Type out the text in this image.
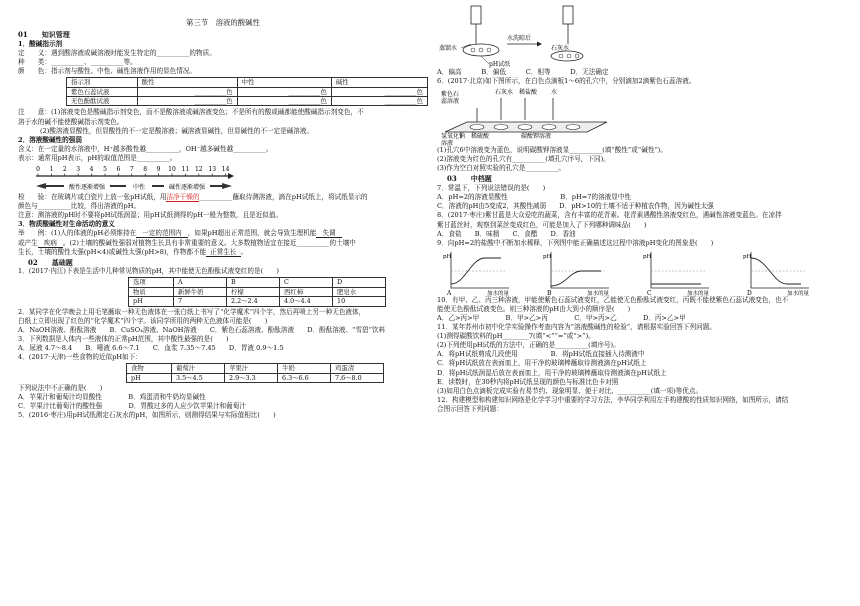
第三节　溶液的酸碱性
01　　知识管理
1．酸碱指示剂
定　　义：遇到酸溶液或碱溶液时能发生特定的__________的物质。
种　　类：__________、__________等。
颜　　色：指示剂与酸性、中性、碱性溶液作用的显色情况。
指示剂	酸性	中性	碱性
紫色石蕊试液	__________色	__________色	__________色
无色酚酞试液	__________色	__________色	__________色
注　　意：(1)溶液变色是酸碱指示剂变色，而不是酸溶液或碱溶液变色；不是所有的酸或碱都能使酸碱指示剂变色，不
溶于水的碱不能使酸碱指示剂变色。
(2)酸溶液显酸性，但显酸性的不一定是酸溶液；碱溶液显碱性，但显碱性的不一定是碱溶液。
2．溶液酸碱性的强弱
含义：在一定量的水溶液中，H⁺越多酸性越__________，OH⁻越多碱性越__________。
表示：通常用pH表示，pH的取值范围是__________。
0 1 2 3 4 5 6 7 8 9 10 11 12 13 14
酸性逐渐增强	中性	碱性逐渐增强
检　　验：在玻璃片或白瓷片上放一张pH试纸，用洁净干燥的__________蘸取待测溶液，滴在pH试纸上，将试纸显示的
颜色与__________比较，得出溶液的pH。
注意：测溶液的pH时不要将pH试纸润湿；用pH试纸测得的pH一般为整数，且是近似值。
3．物质酸碱性对生命活动的意义
举　　例：(1)人的体液的pH必须维持在 一定的范围内 ，如果pH超出正常范围，就会导致生理机能 失调
或产生 疾病 。(2)土壤的酸碱性强弱对植物生长具有非常重要的意义。大多数植物适宜在接近__________的土壤中
生长，土壤的酸性太强(pH<4)或碱性太强(pH>8)，作物都不能 正常生长 。
02　　基础题
1．(2017·内江)下表是生活中几种常见物质的pH，其中能使无色酚酞试液变红的是(　　)
选项	A	B	C	D
物质	新鲜牛奶	柠檬	西红柿	肥皂水
pH	7	2.2～2.4	4.0～4.4	10
2．某同学在化学晚会上用毛笔蘸取一种无色液体在一张白纸上书写了“化学魔术”四个字，然后再喷上另一种无色液体，
白纸上立即出现了红色的“化学魔术”四个字。该同学所用的两种无色液体可能是(　　)
A．NaOH溶液、酚酞溶液　　B．CuSO₄溶液、NaOH溶液　　C．紫色石蕊溶液、酚酞溶液　　D．酚酞溶液、“雪碧”饮料
3．下列数据是人体内一些液体的正常pH范围，其中酸性最强的是(　　)
A．尿液 4.7～8.4　　B．唾液 6.6～7.1　　C．血浆 7.35～7.45　　D．胃液 0.9～1.5
4．(2017·天津)一些食物的近似pH如下：
食物	葡萄汁	苹果汁	牛奶	鸡蛋清
pH	3.5～4.5	2.9～3.3	6.3～6.6	7.6～8.0
下列说法中不正确的是(　　)
A．苹果汁和葡萄汁均显酸性　　　　B．鸡蛋清和牛奶均显碱性
C．苹果汁比葡萄汁的酸性强　　　　D．胃酸过多的人应少饮苹果汁和葡萄汁
5．(2016·枣庄)用pH试纸测定石灰水的pH，如图所示，则测得结果与实际值相比(　　)
蒸馏水
pH试纸
水洗晾后
石灰水
A．偏高　　　B．偏低　　　C．相等　　　D．无法确定
6．(2017·北京)如下图所示，在白色点滴板1～6的孔穴中，分别滴加2滴紫色石蕊溶液。
紫色石
蕊溶液
石灰水 稀盐酸 水
氢氧化钠 稀硫酸	碳酸钾溶液
溶液
(1)孔穴6中溶液变为蓝色，说明碳酸钾溶液显__________(填“酸性”或“碱性”)。
(2)溶液变为红色的孔穴有__________(填孔穴序号，下同)。
(3)作为空白对照实验的孔穴是__________。
03　　中档题
7．常温下，下列说法错误的是(　　)
A．pH=2的溶液显酸性　　　　　　　　B．pH=7的溶液显中性
C．溶液的pH由5变成2，其酸性减弱　　D．pH>10的土壤不适于种植农作物，因为碱性太强
8．(2017·枣庄)紫甘蓝是大众爱吃的蔬菜，含有丰富的花青素。花青素遇酸性溶液变红色，遇碱性溶液变蓝色。在凉拌
紫甘蓝丝时，观察到菜丝变成红色，可能是加入了下列哪种调味品(　　)
A．食盐　　B．味精　　C．食醋　　D．香油
9．向pH=2的盐酸中不断加水稀释，下列图中能正确描述这过程中溶液pH变化的图象是(　　)
pH
加水的量
A
pH
加水的量
B
pH
加水的量
C
pH
加水的量
D
10．有甲、乙、丙三种溶液，甲能使紫色石蕊试液变红，乙能使无色酚酞试液变红，丙既不能使紫色石蕊试液变色，也不
能使无色酚酞试液变色。则三种溶液的pH由大到小的顺序是(　　)
A．乙>丙>甲　　　　B．甲>乙>丙　　　　C．甲>丙>乙　　　　D．丙>乙>甲
11．某年苏州市初中化学实验操作考查内容为“溶液酸碱性的检验”，请根据实验回答下列问题。
(1)测得碳酸饮料的pH________7(填“<”“=”或“>”)。
(2)下列使用pH试纸的方法中，正确的是__________(填序号)。
A．将pH试纸剪成几段使用　　　　　B．将pH试纸直接插入待测液中
C．将pH试纸放在表面皿上，用干净的玻璃棒蘸取待测液滴在pH试纸上
D．将pH试纸润湿后放在表面皿上，用干净的玻璃棒蘸取待测液滴在pH试纸上
E．读数时，在30秒内将pH试纸呈现的颜色与标准比色卡对照
(3)如用白色点滴板完成实验有易节约、现象明显、便于对比、__________(填一项)等优点。
12．构建模型和构建知识网络是化学学习中重要的学习方法，李华同学利用左手构建酸的性质知识网络，如图所示，请结
合图示回答下列问题：
